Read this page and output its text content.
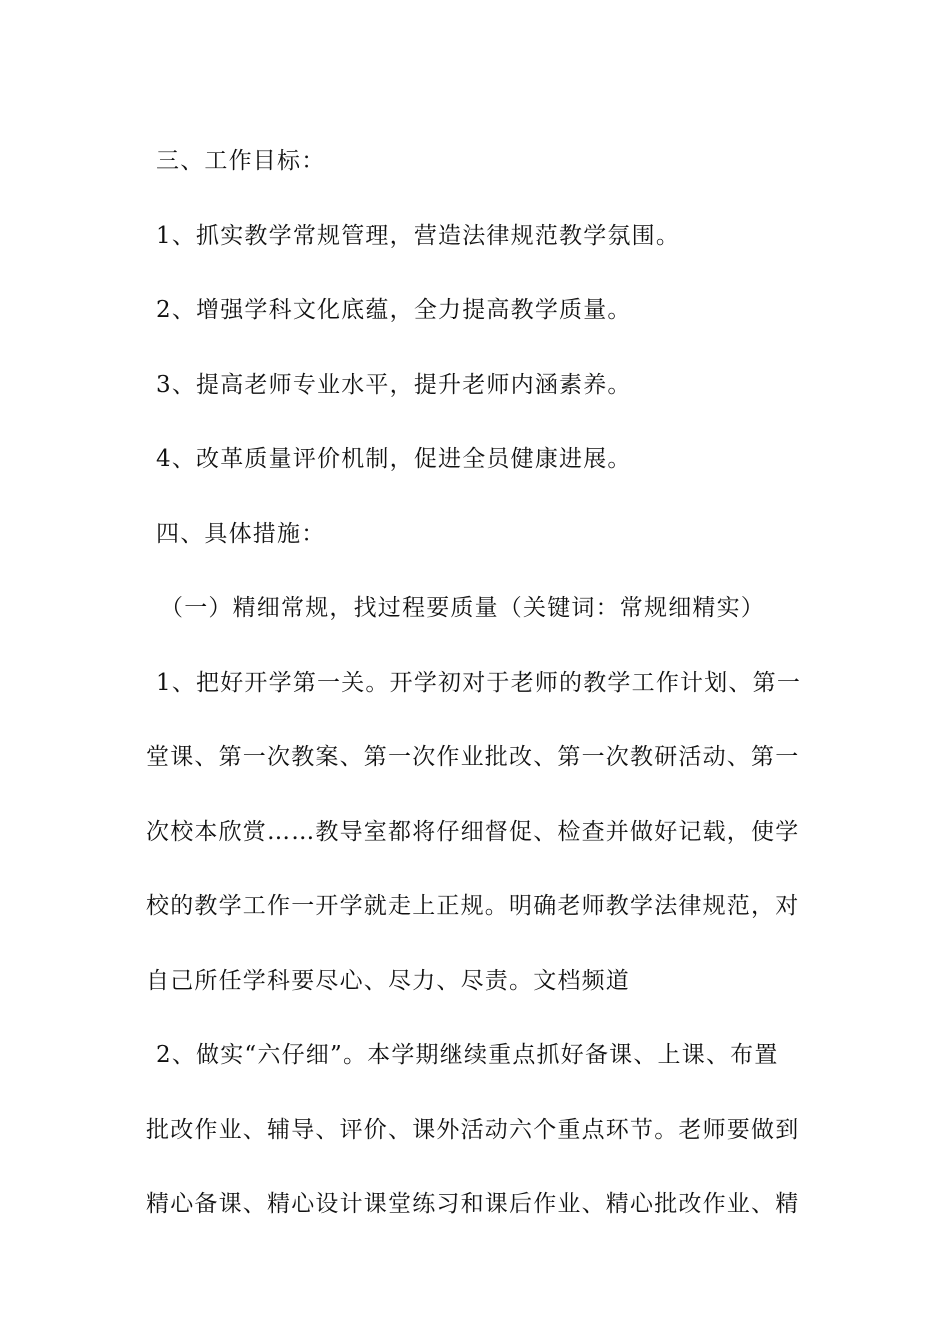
三、工作目标：

1、抓实教学常规管理，营造法律规范教学氛围。

2、增强学科文化底蕴，全力提高教学质量。

3、提高老师专业水平，提升老师内涵素养。

4、改革质量评价机制，促进全员健康进展。

四、具体措施：

（一）精细常规，找过程要质量（关键词：常规细精实）

1、把好开学第一关。开学初对于老师的教学工作计划、第一

堂课、第一次教案、第一次作业批改、第一次教研活动、第一

次校本欣赏……教导室都将仔细督促、检查并做好记载，使学

校的教学工作一开学就走上正规。明确老师教学法律规范，对

自己所任学科要尽心、尽力、尽责。文档频道

2、做实“六仔细”。本学期继续重点抓好备课、上课、布置

批改作业、辅导、评价、课外活动六个重点环节。老师要做到

精心备课、精心设计课堂练习和课后作业、精心批改作业、精
